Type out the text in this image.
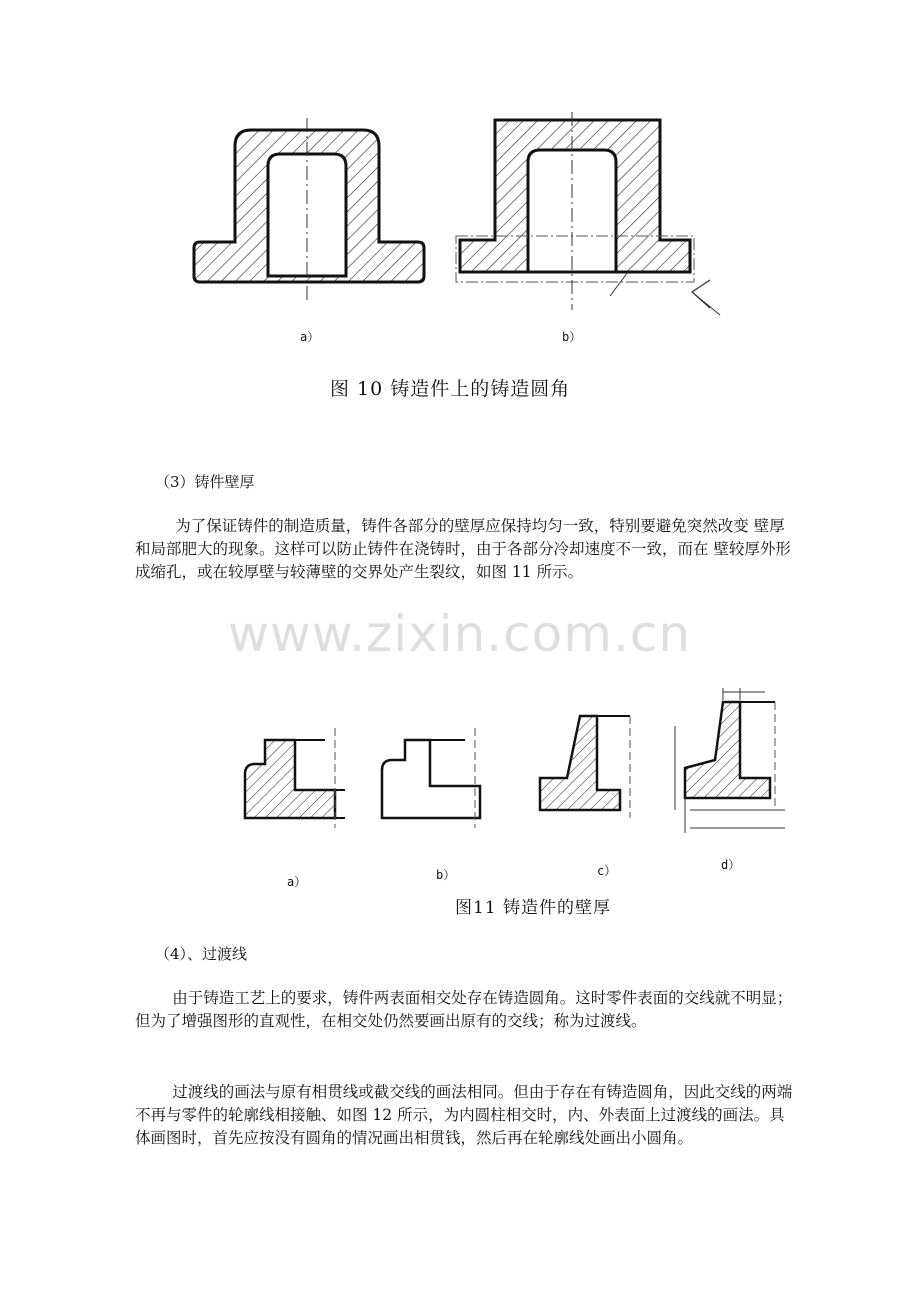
a）	b）
图 10 铸造件上的铸造圆角
（3）铸件壁厚

为了保证铸件的制造质量，铸件各部分的壁厚应保持均匀一致，特别要避免突然改变 壁厚和局部肥大的现象。这样可以防止铸件在浇铸时，由于各部分冷却速度不一致，而在 壁较厚外形成缩孔，或在较厚壁与较薄壁的交界处产生裂纹，如图 11 所示。

www.zixin.com.cn
a）	b）	c）	d）
图11 铸造件的壁厚
（4）、过渡线

由于铸造工艺上的要求，铸件两表面相交处存在铸造圆角。这时零件表面的交线就不明显；但为了增强图形的直观性，在相交处仍然要画出原有的交线；称为过渡线。

过渡线的画法与原有相贯线或截交线的画法相同。但由于存在有铸造圆角，因此交线的两端不再与零件的轮廓线相接触、如图 12 所示，为内圆柱相交时，内、外表面上过渡线的画法。具体画图时，首先应按没有圆角的情况画出相贯钱，然后再在轮廓线处画出小圆角。
